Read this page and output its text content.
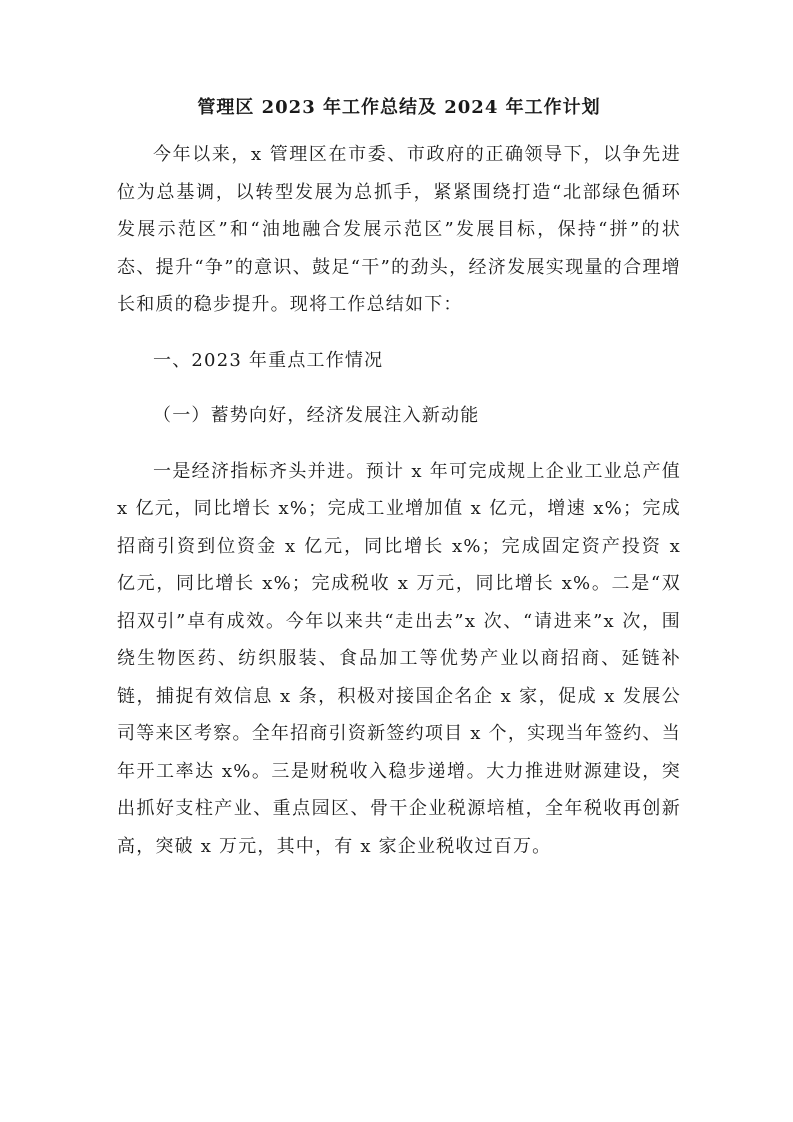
管理区 2023 年工作总结及 2024 年工作计划

今年以来，x 管理区在市委、市政府的正确领导下，以争先进位为总基调，以转型发展为总抓手，紧紧围绕打造“北部绿色循环发展示范区”和“油地融合发展示范区”发展目标，保持“拼”的状态、提升“争”的意识、鼓足“干”的劲头，经济发展实现量的合理增长和质的稳步提升。现将工作总结如下：

一、2023 年重点工作情况

（一）蓄势向好，经济发展注入新动能

一是经济指标齐头并进。预计 x 年可完成规上企业工业总产值 x 亿元，同比增长 x%；完成工业增加值 x 亿元，增速 x%；完成招商引资到位资金 x 亿元，同比增长 x%；完成固定资产投资 x 亿元，同比增长 x%；完成税收 x 万元，同比增长 x%。二是“双招双引”卓有成效。今年以来共“走出去”x 次、“请进来”x 次，围绕生物医药、纺织服装、食品加工等优势产业以商招商、延链补链，捕捉有效信息 x 条，积极对接国企名企 x 家，促成 x 发展公司等来区考察。全年招商引资新签约项目 x 个，实现当年签约、当年开工率达 x%。三是财税收入稳步递增。大力推进财源建设，突出抓好支柱产业、重点园区、骨干企业税源培植，全年税收再创新高，突破 x 万元，其中，有 x 家企业税收过百万。
